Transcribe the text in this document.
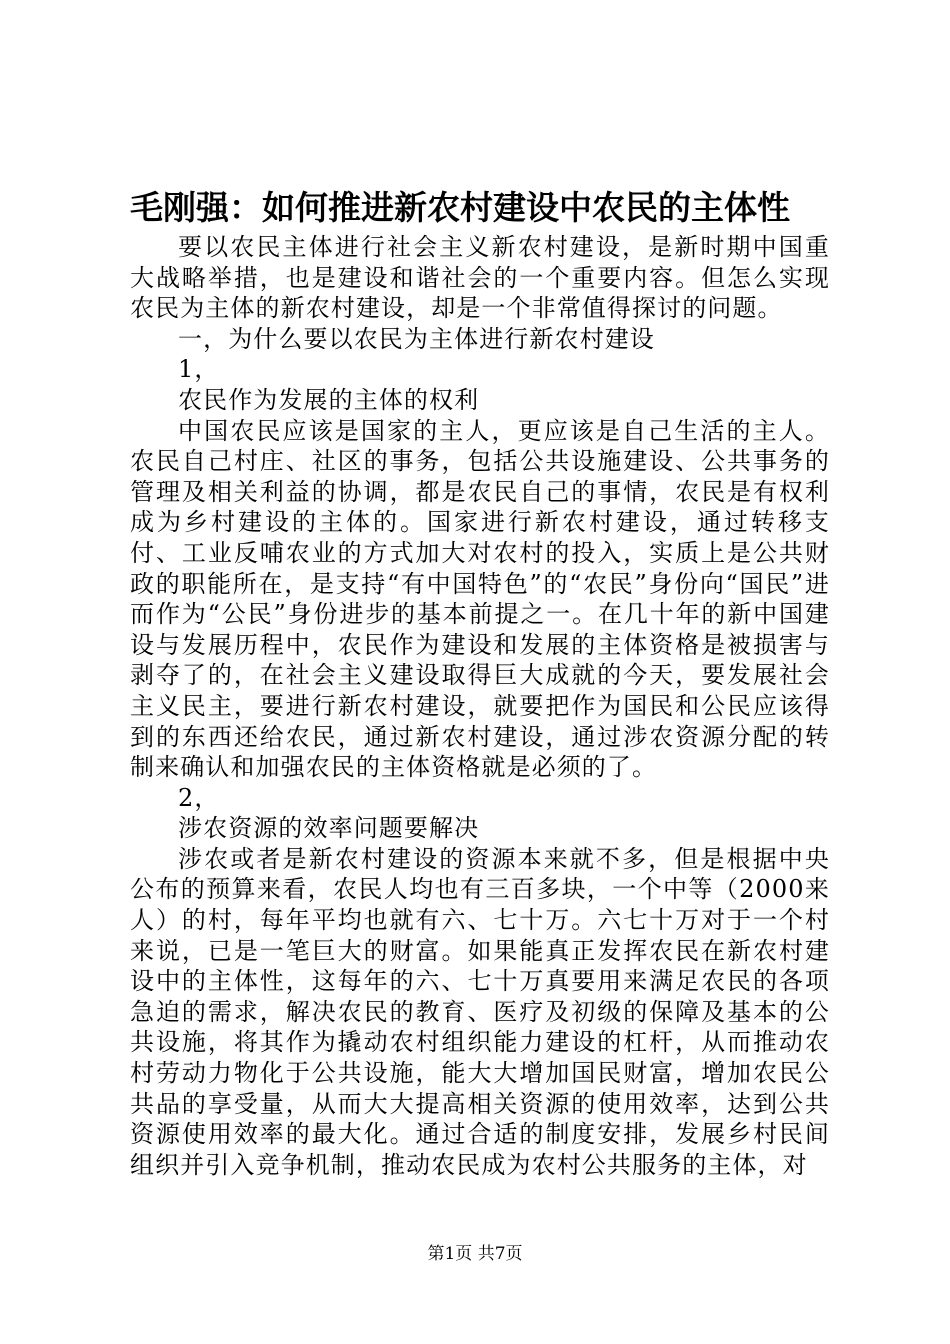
毛刚强：如何推进新农村建设中农民的主体性

要以农民主体进行社会主义新农村建设，是新时期中国重大战略举措，也是建设和谐社会的一个重要内容。但怎么实现农民为主体的新农村建设，却是一个非常值得探讨的问题。

一，为什么要以农民为主体进行新农村建设

1，

农民作为发展的主体的权利

中国农民应该是国家的主人，更应该是自己生活的主人。农民自己村庄、社区的事务，包括公共设施建设、公共事务的管理及相关利益的协调，都是农民自己的事情，农民是有权利成为乡村建设的主体的。国家进行新农村建设，通过转移支付、工业反哺农业的方式加大对农村的投入，实质上是公共财政的职能所在，是支持“有中国特色”的“农民”身份向“国民”进而作为“公民”身份进步的基本前提之一。在几十年的新中国建设与发展历程中，农民作为建设和发展的主体资格是被损害与剥夺了的，在社会主义建设取得巨大成就的今天，要发展社会主义民主，要进行新农村建设，就要把作为国民和公民应该得到的东西还给农民，通过新农村建设，通过涉农资源分配的转制来确认和加强农民的主体资格就是必须的了。

2，

涉农资源的效率问题要解决

涉农或者是新农村建设的资源本来就不多，但是根据中央公布的预算来看，农民人均也有三百多块，一个中等（2000来人）的村，每年平均也就有六、七十万。六七十万对于一个村来说，已是一笔巨大的财富。如果能真正发挥农民在新农村建设中的主体性，这每年的六、七十万真要用来满足农民的各项急迫的需求，解决农民的教育、医疗及初级的保障及基本的公共设施，将其作为撬动农村组织能力建设的杠杆，从而推动农村劳动力物化于公共设施，能大大增加国民财富，增加农民公共品的享受量，从而大大提高相关资源的使用效率，达到公共资源使用效率的最大化。通过合适的制度安排，发展乡村民间组织并引入竞争机制，推动农民成为农村公共服务的主体，对

第1页 共7页
